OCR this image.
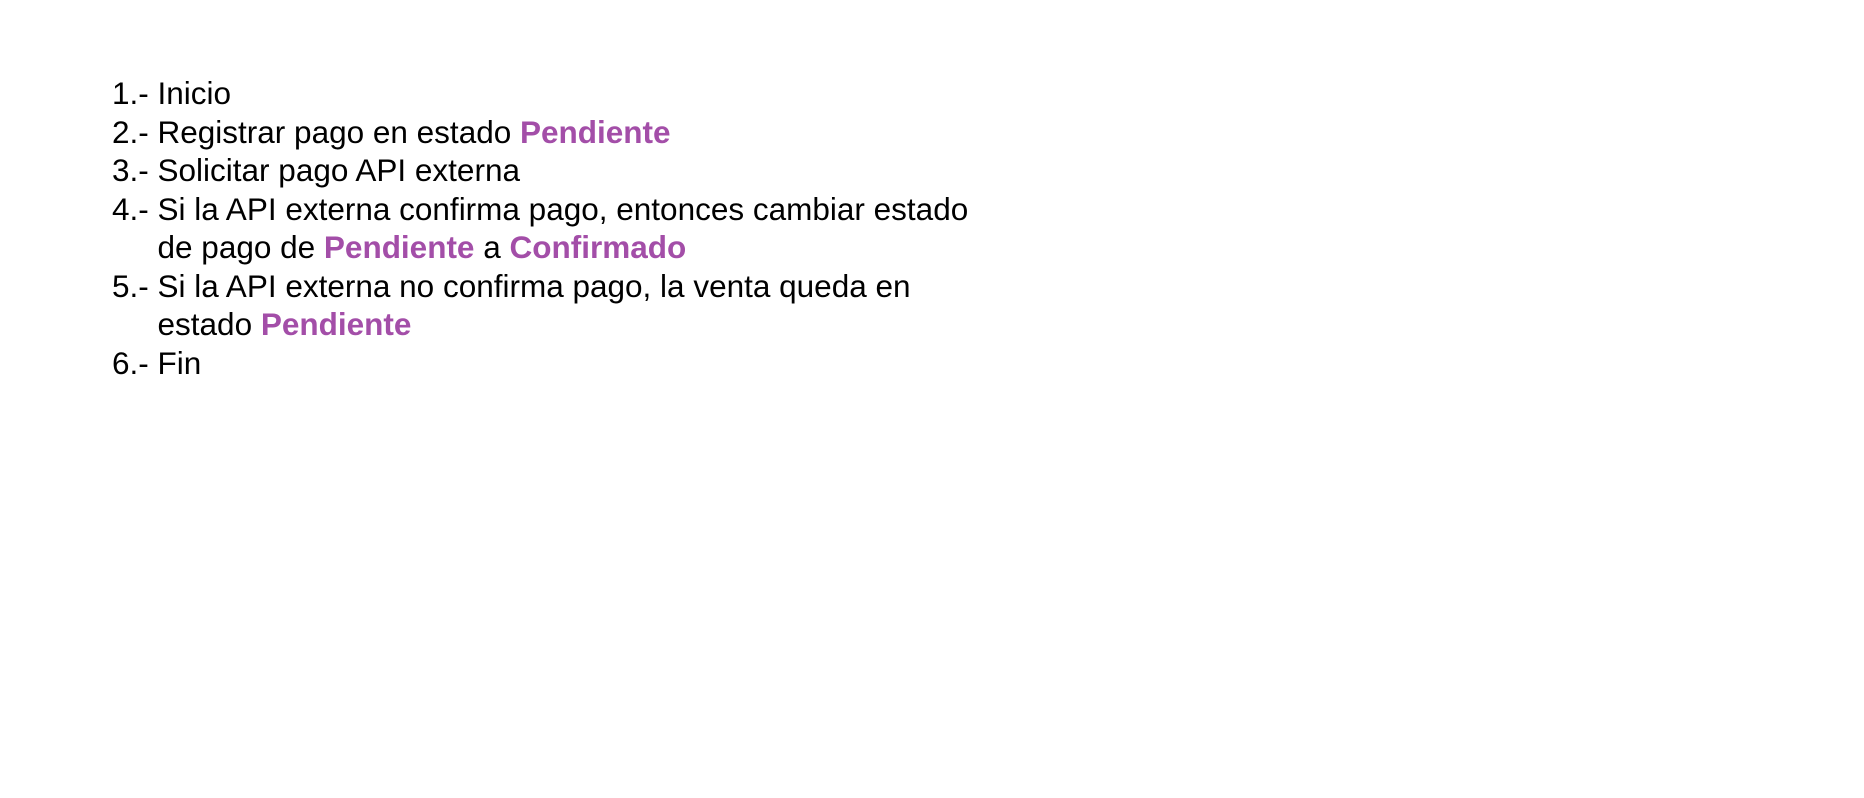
1.- Inicio
2.- Registrar pago en estado Pendiente
3.- Solicitar pago API externa
4.- Si la API externa confirma pago, entonces cambiar estado
de pago de Pendiente a Confirmado
5.- Si la API externa no confirma pago, la venta queda en
estado Pendiente
6.- Fin
